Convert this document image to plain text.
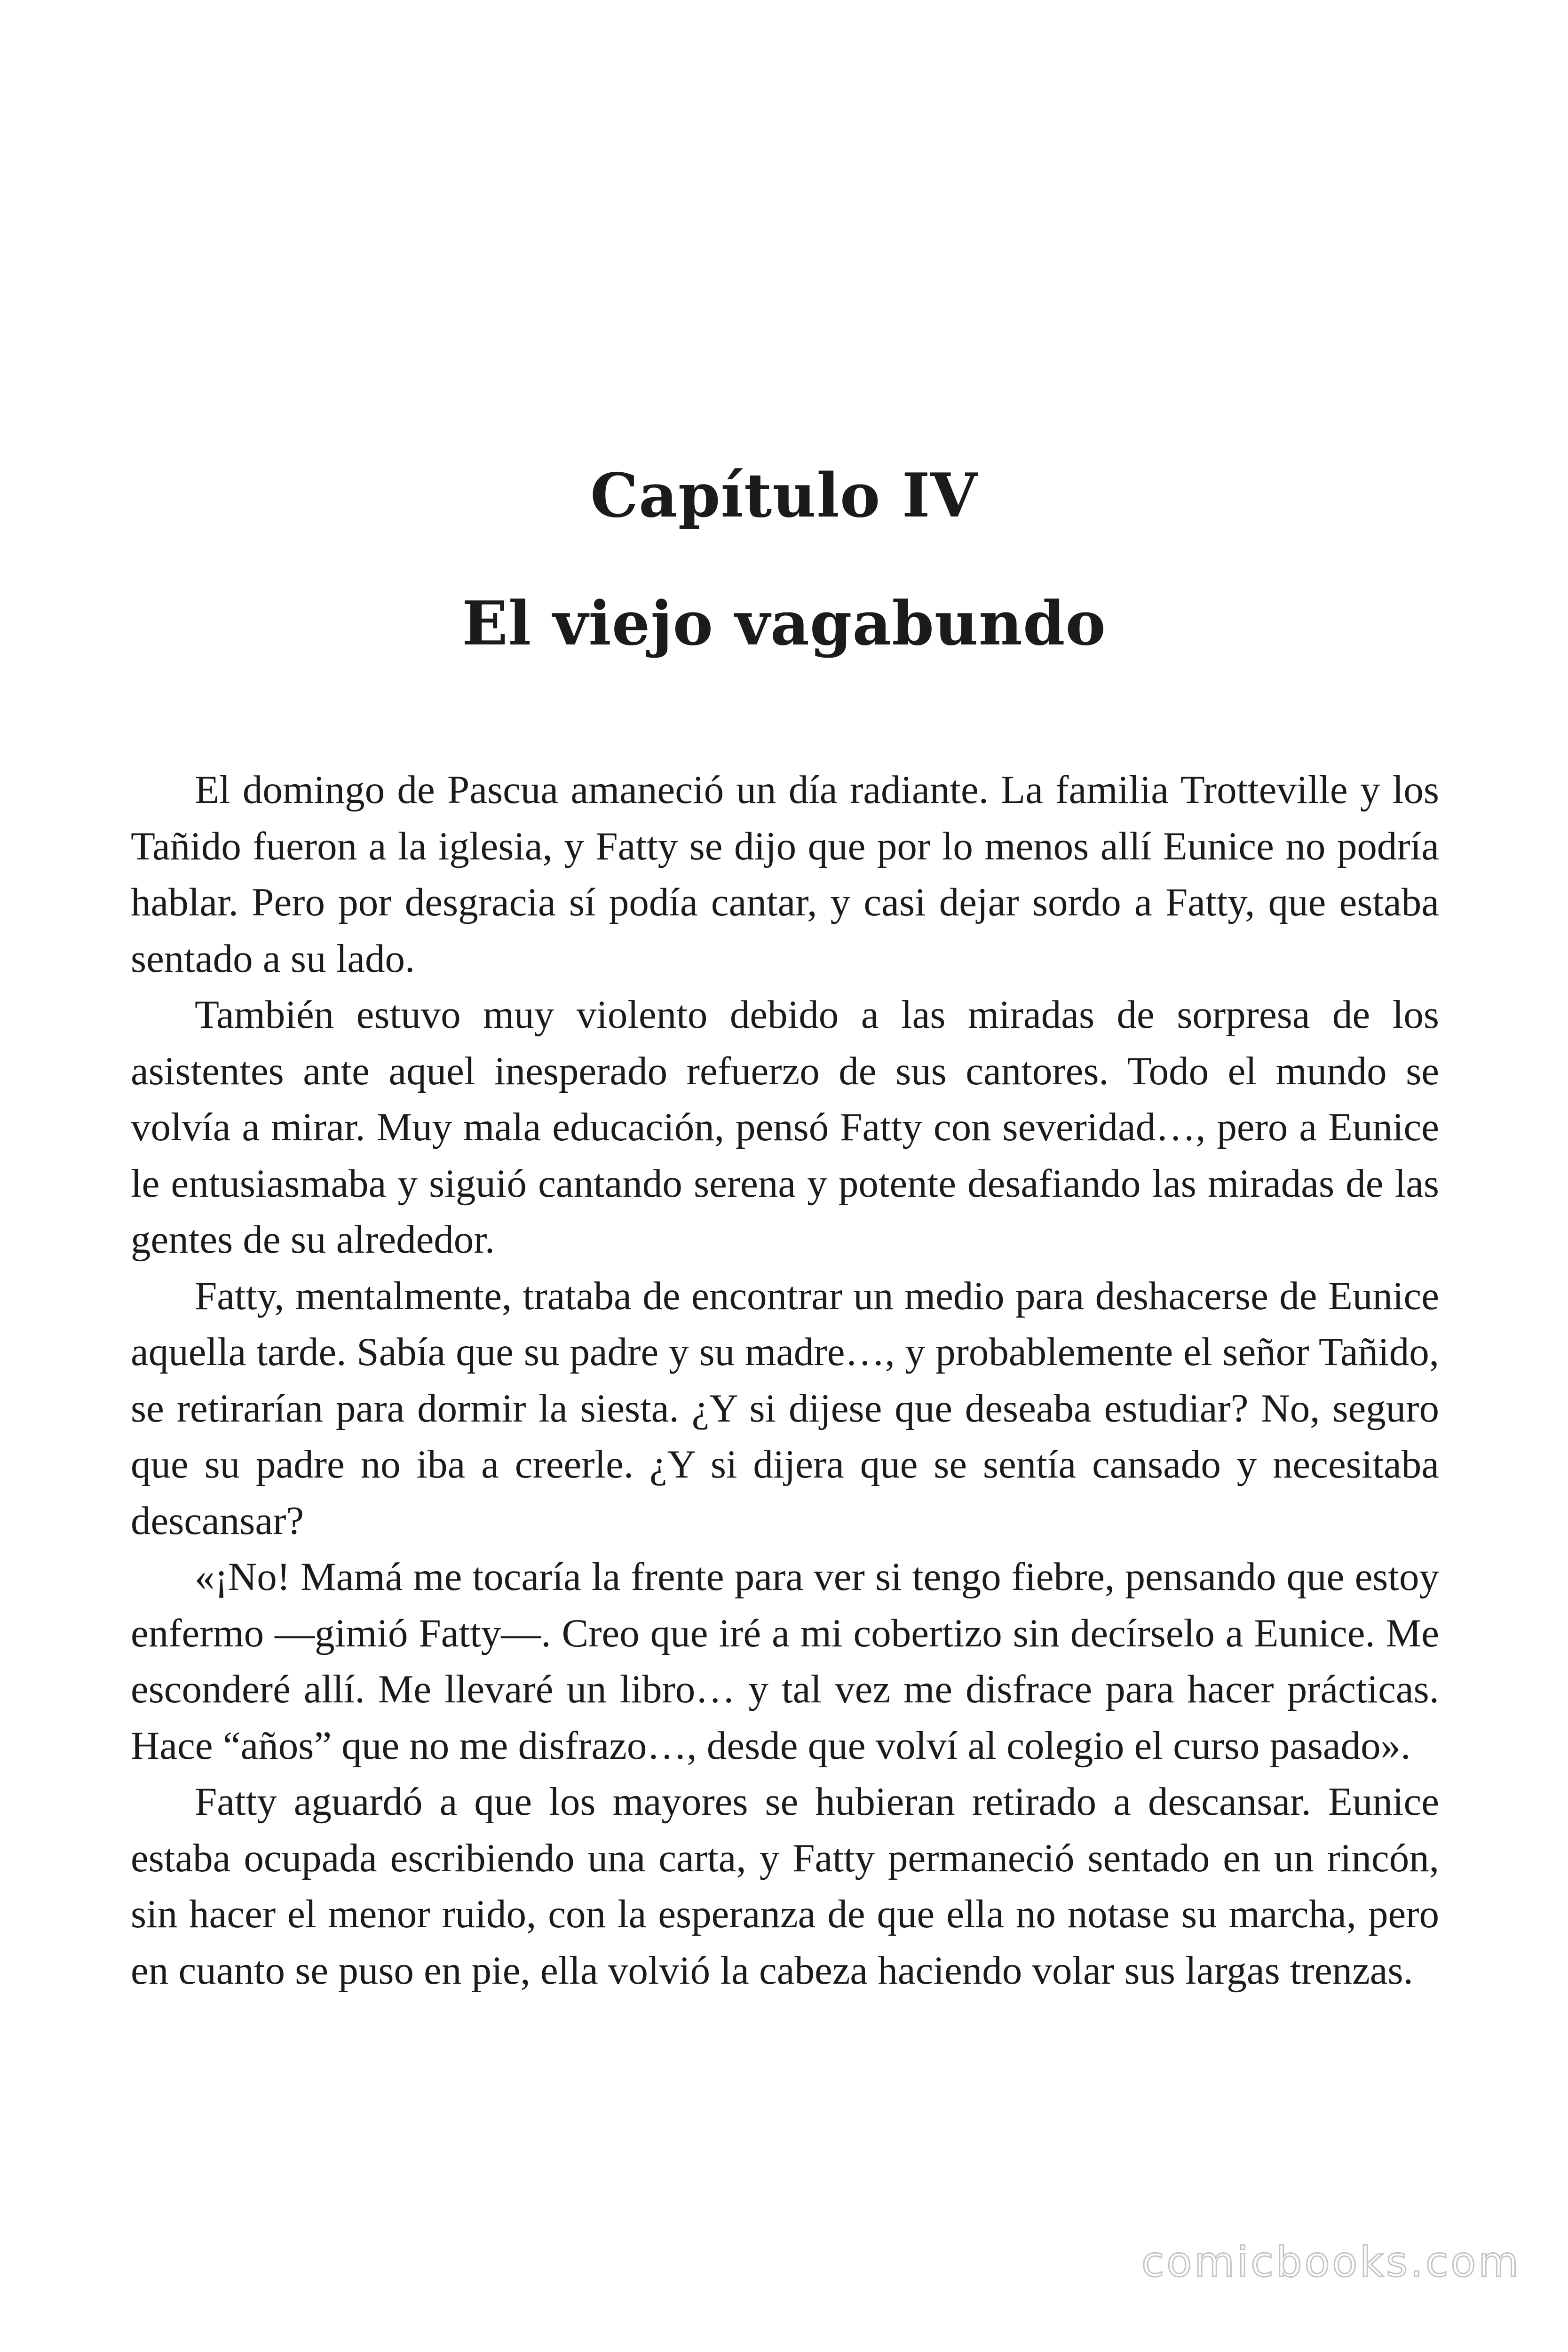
Capítulo IV
El viejo vagabundo

El domingo de Pascua amaneció un día radiante. La familia Trotteville y los Tañido fueron a la iglesia, y Fatty se dijo que por lo menos allí Eunice no podría hablar. Pero por desgracia sí podía cantar, y casi dejar sordo a Fatty, que estaba sentado a su lado.

También estuvo muy violento debido a las miradas de sorpresa de los asistentes ante aquel inesperado refuerzo de sus cantores. Todo el mundo se volvía a mirar. Muy mala educación, pensó Fatty con severidad…, pero a Eunice le entusiasmaba y siguió cantando serena y potente desafiando las miradas de las gentes de su alrededor.

Fatty, mentalmente, trataba de encontrar un medio para deshacerse de Eunice aquella tarde. Sabía que su padre y su madre…, y probablemente el señor Tañido, se retirarían para dormir la siesta. ¿Y si dijese que deseaba estudiar? No, seguro que su padre no iba a creerle. ¿Y si dijera que se sentía cansado y necesitaba descansar?

«¡No! Mamá me tocaría la frente para ver si tengo fiebre, pensando que estoy enfermo —gimió Fatty—. Creo que iré a mi cobertizo sin decírselo a Eunice. Me esconderé allí. Me llevaré un libro… y tal vez me disfrace para hacer prácticas. Hace “años” que no me disfrazo…, desde que volví al colegio el curso pasado».

Fatty aguardó a que los mayores se hubieran retirado a descansar. Eunice estaba ocupada escribiendo una carta, y Fatty permaneció sentado en un rincón, sin hacer el menor ruido, con la esperanza de que ella no notase su marcha, pero en cuanto se puso en pie, ella volvió la cabeza haciendo volar sus largas trenzas.

comicbooks.com
